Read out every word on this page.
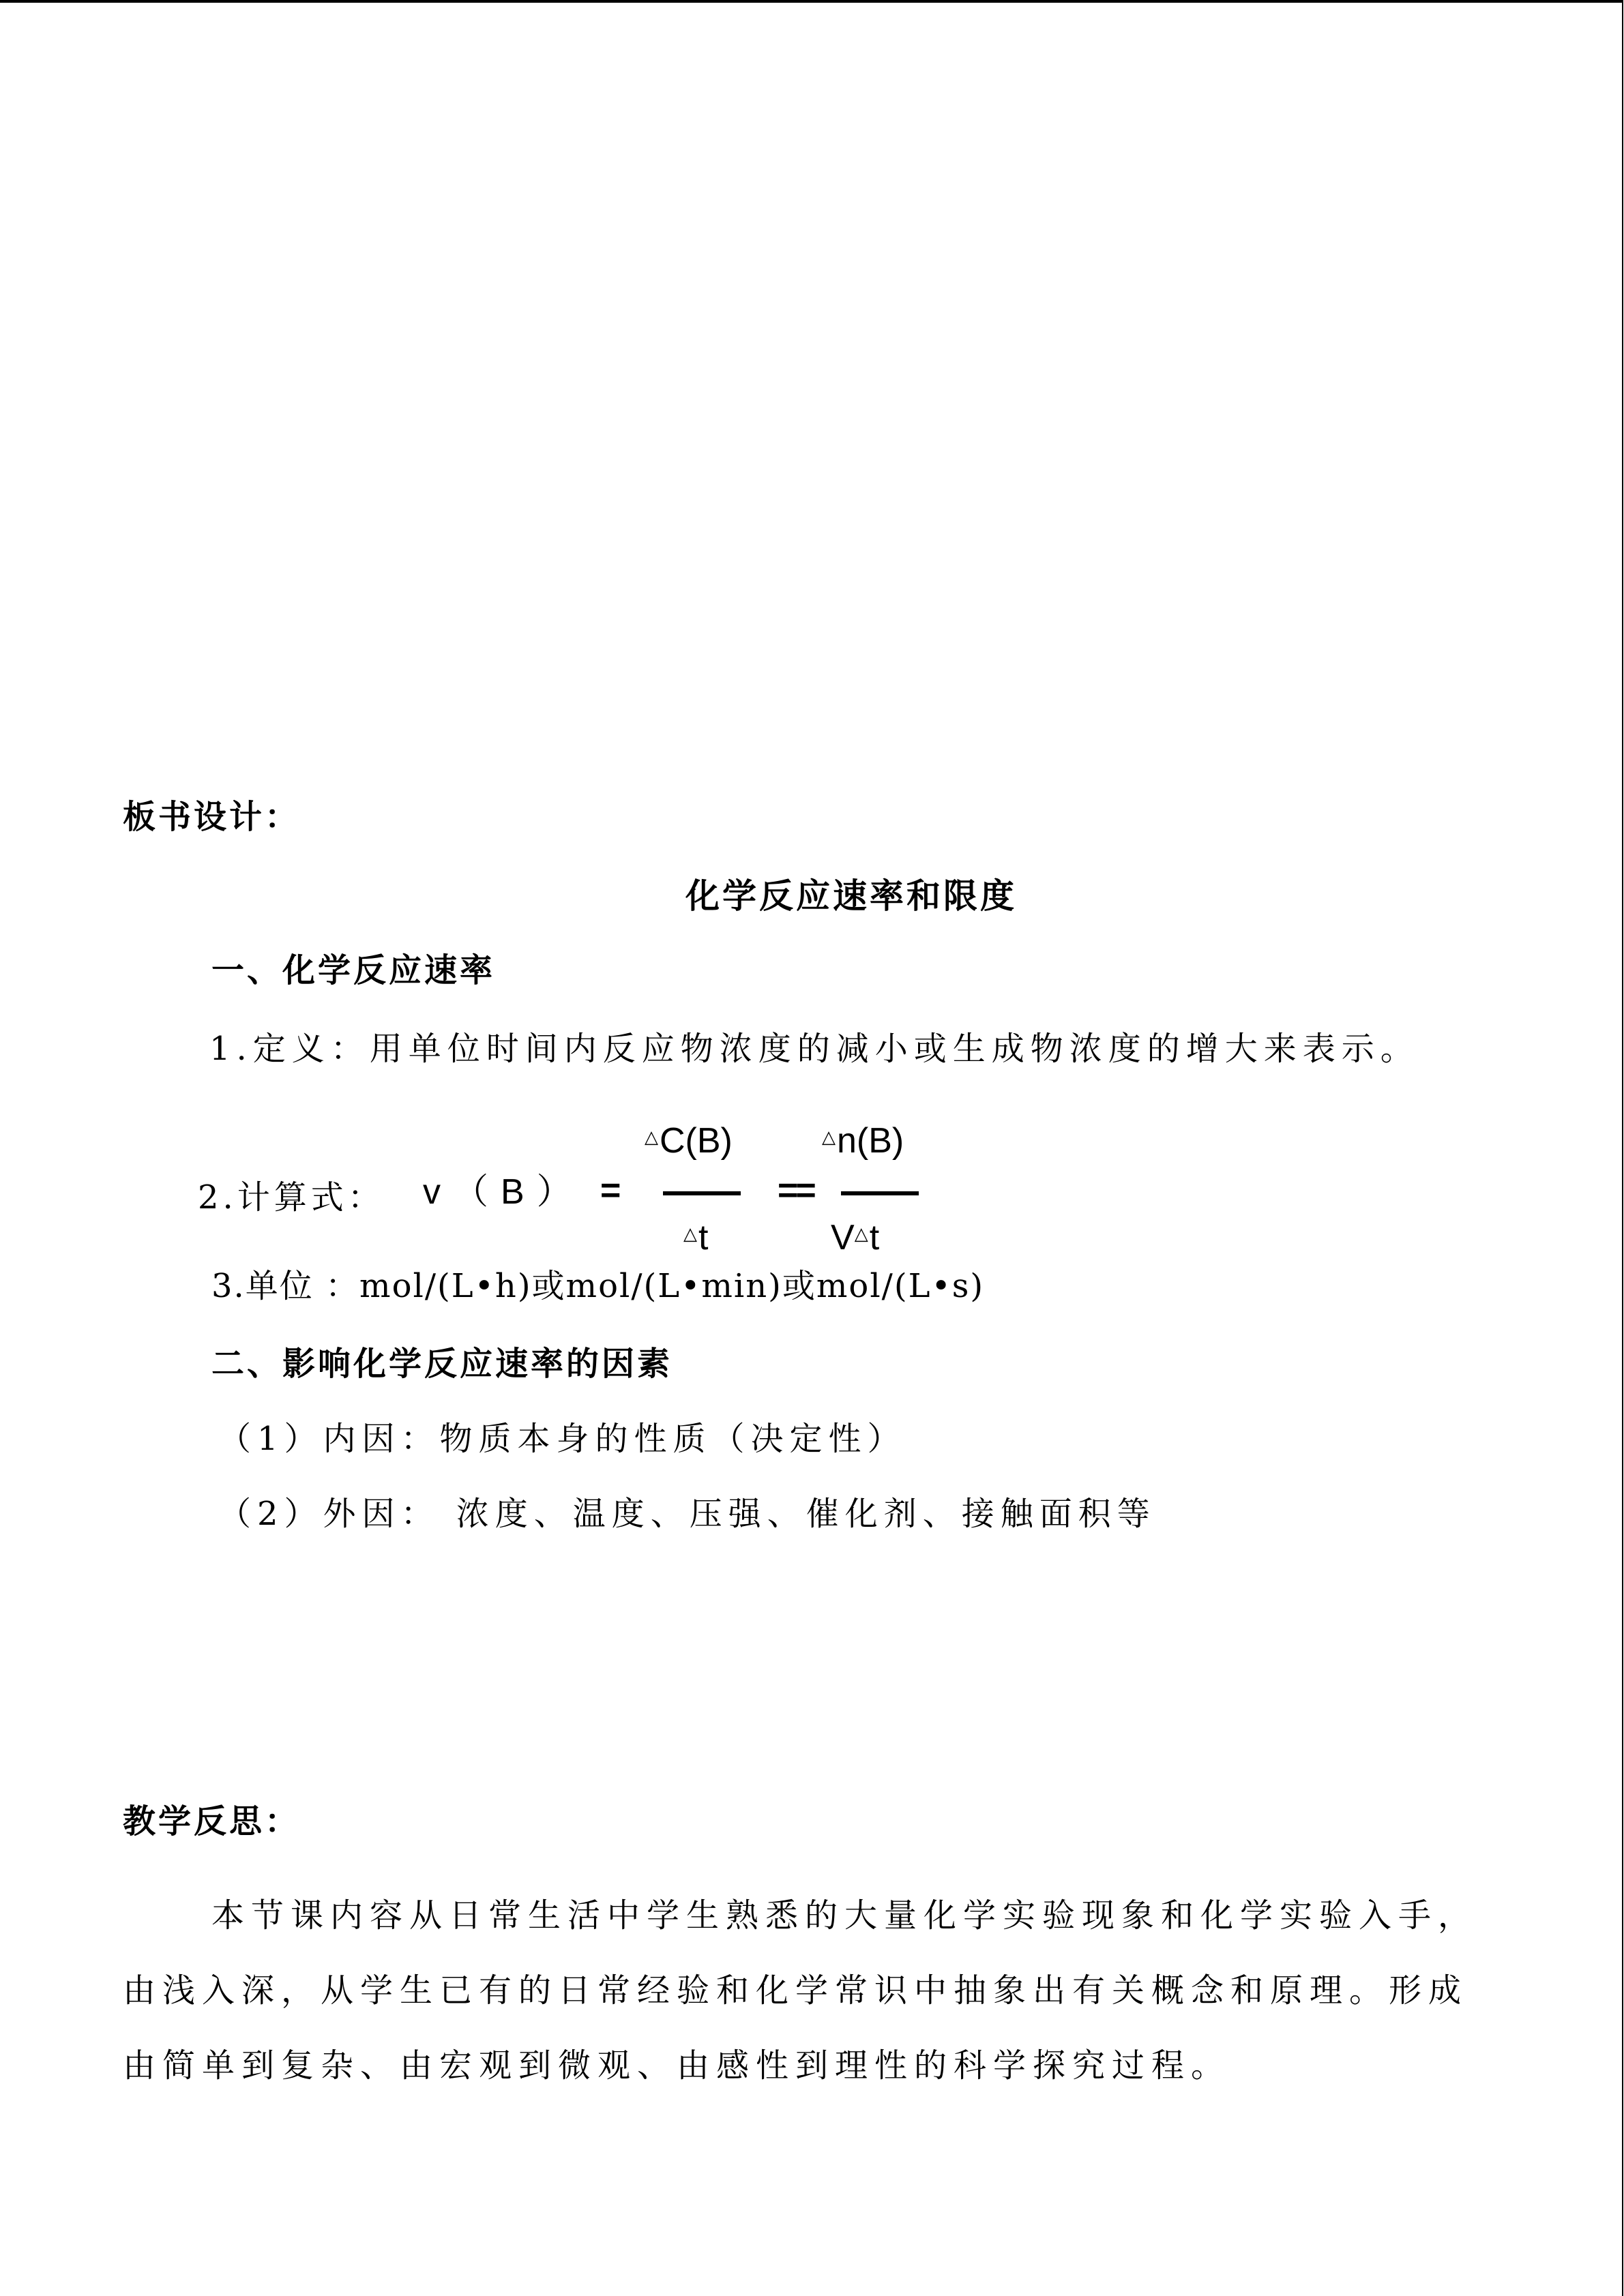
板书设计：
化学反应速率和限度
一、化学反应速率
1.定义：用单位时间内反应物浓度的减小或生成物浓度的增大来表示。
2.计算式： v（B） =
△C(B)
△t
==
△n(B)
V△t
3.单位 ：mol/(L•h)或mol/(L•min)或mol/(L•s)
二、影响化学反应速率的因素
（1）内因：物质本身的性质（决定性）
（2）外因： 浓度、温度、压强、催化剂、接触面积等
教学反思：
本节课内容从日常生活中学生熟悉的大量化学实验现象和化学实验入手，由浅入深，从学生已有的日常经验和化学常识中抽象出有关概念和原理。形成由简单到复杂、由宏观到微观、由感性到理性的科学探究过程。
